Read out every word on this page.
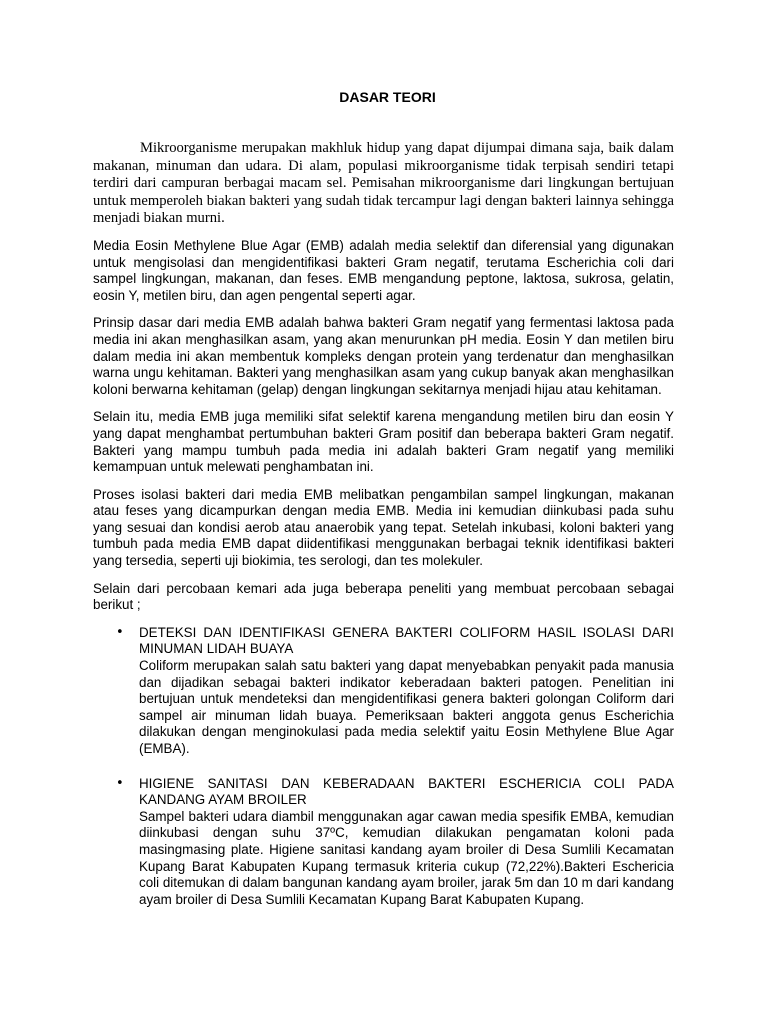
DASAR TEORI

Mikroorganisme merupakan makhluk hidup yang dapat dijumpai dimana saja, baik dalam makanan, minuman dan udara. Di alam, populasi mikroorganisme tidak terpisah sendiri tetapi terdiri dari campuran berbagai macam sel. Pemisahan mikroorganisme dari lingkungan bertujuan untuk memperoleh biakan bakteri yang sudah tidak tercampur lagi dengan bakteri lainnya sehingga menjadi biakan murni.

Media Eosin Methylene Blue Agar (EMB) adalah media selektif dan diferensial yang digunakan untuk mengisolasi dan mengidentifikasi bakteri Gram negatif, terutama Escherichia coli dari sampel lingkungan, makanan, dan feses. EMB mengandung peptone, laktosa, sukrosa, gelatin, eosin Y, metilen biru, dan agen pengental seperti agar.

Prinsip dasar dari media EMB adalah bahwa bakteri Gram negatif yang fermentasi laktosa pada media ini akan menghasilkan asam, yang akan menurunkan pH media. Eosin Y dan metilen biru dalam media ini akan membentuk kompleks dengan protein yang terdenatur dan menghasilkan warna ungu kehitaman. Bakteri yang menghasilkan asam yang cukup banyak akan menghasilkan koloni berwarna kehitaman (gelap) dengan lingkungan sekitarnya menjadi hijau atau kehitaman.

Selain itu, media EMB juga memiliki sifat selektif karena mengandung metilen biru dan eosin Y yang dapat menghambat pertumbuhan bakteri Gram positif dan beberapa bakteri Gram negatif. Bakteri yang mampu tumbuh pada media ini adalah bakteri Gram negatif yang memiliki kemampuan untuk melewati penghambatan ini.

Proses isolasi bakteri dari media EMB melibatkan pengambilan sampel lingkungan, makanan atau feses yang dicampurkan dengan media EMB. Media ini kemudian diinkubasi pada suhu yang sesuai dan kondisi aerob atau anaerobik yang tepat. Setelah inkubasi, koloni bakteri yang tumbuh pada media EMB dapat diidentifikasi menggunakan berbagai teknik identifikasi bakteri yang tersedia, seperti uji biokimia, tes serologi, dan tes molekuler.

Selain dari percobaan kemari ada juga beberapa peneliti yang membuat percobaan sebagai berikut ;

• DETEKSI DAN IDENTIFIKASI GENERA BAKTERI COLIFORM HASIL ISOLASI DARI MINUMAN LIDAH BUAYA

Coliform merupakan salah satu bakteri yang dapat menyebabkan penyakit pada manusia dan dijadikan sebagai bakteri indikator keberadaan bakteri patogen. Penelitian ini bertujuan untuk mendeteksi dan mengidentifikasi genera bakteri golongan Coliform dari sampel air minuman lidah buaya. Pemeriksaan bakteri anggota genus Escherichia dilakukan dengan menginokulasi pada media selektif yaitu Eosin Methylene Blue Agar (EMBA).

• HIGIENE SANITASI DAN KEBERADAAN BAKTERI ESCHERICIA COLI PADA KANDANG AYAM BROILER

Sampel bakteri udara diambil menggunakan agar cawan media spesifik EMBA, kemudian diinkubasi dengan suhu 37ºC, kemudian dilakukan pengamatan koloni pada masingmasing plate. Higiene sanitasi kandang ayam broiler di Desa Sumlili Kecamatan Kupang Barat Kabupaten Kupang termasuk kriteria cukup (72,22%).Bakteri Eschericia coli ditemukan di dalam bangunan kandang ayam broiler, jarak 5m dan 10 m dari kandang ayam broiler di Desa Sumlili Kecamatan Kupang Barat Kabupaten Kupang.
